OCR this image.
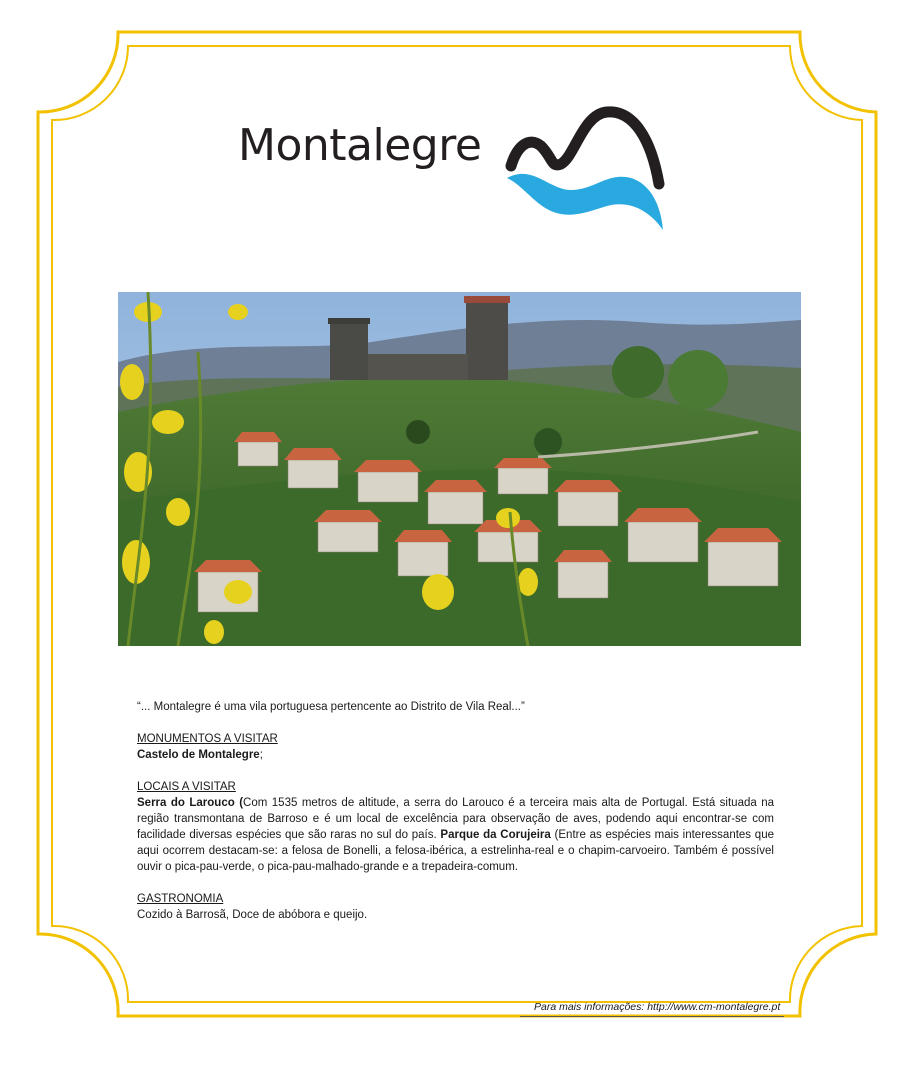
Montalegre

“... Montalegre é uma vila portuguesa pertencente ao Distrito de Vila Real...”

MONUMENTOS A VISITAR
Castelo de Montalegre;
LOCAIS A VISITAR
Serra do Larouco (Com 1535 metros de altitude, a serra do Larouco é a terceira mais alta de Portugal. Está situada na região transmontana de Barroso e é um local de excelência para observação de aves, podendo aqui encontrar-se com facilidade diversas espécies que são raras no sul do país. Parque da Corujeira (Entre as espécies mais interessantes que aqui ocorrem destacam-se: a felosa de Bonelli, a felosa-ibérica, a estrelinha-real e o chapim-carvoeiro. Também é possível ouvir o pica-pau-verde, o pica-pau-malhado-grande e a trepadeira-comum.
GASTRONOMIA
Cozido à Barrosã, Doce de abóbora e queijo.
Para mais informações: http://www.cm-montalegre.pt
